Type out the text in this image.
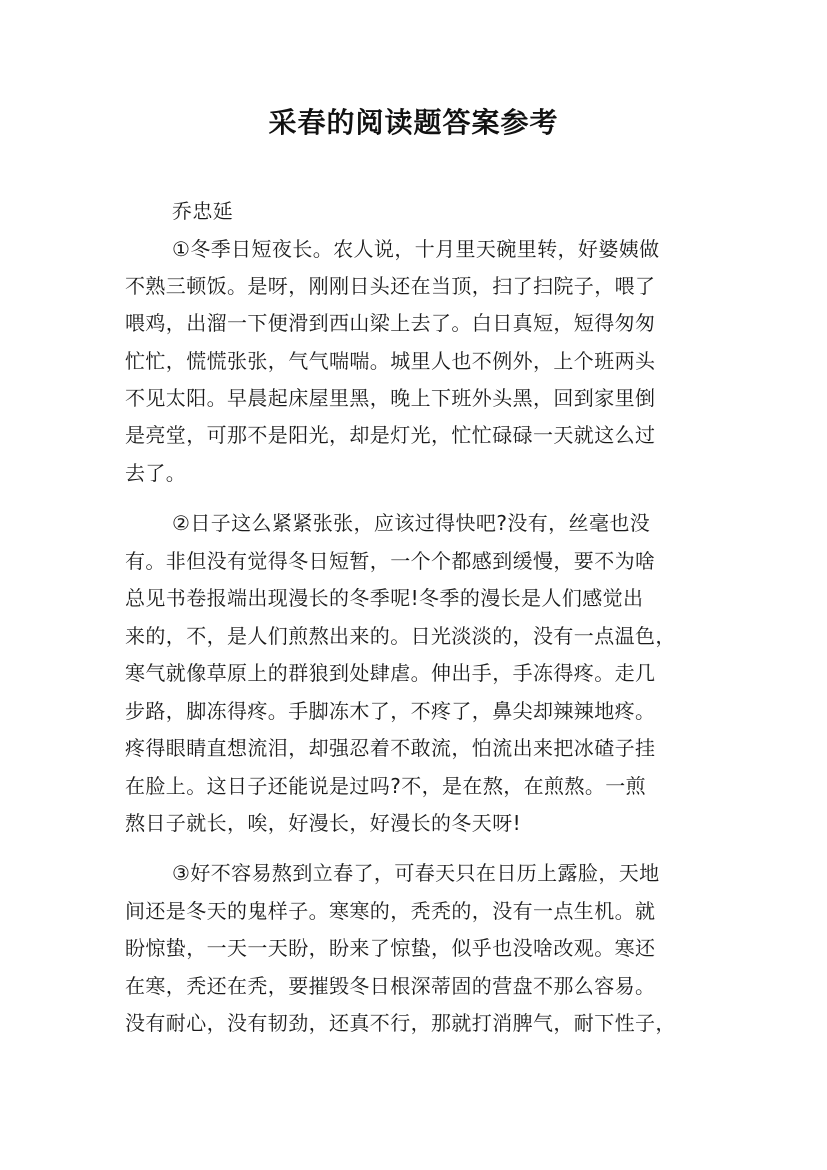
采春的阅读题答案参考
乔忠延
①冬季日短夜长。农人说，十月里天碗里转，好婆姨做
不熟三顿饭。是呀，刚刚日头还在当顶，扫了扫院子，喂了
喂鸡，出溜一下便滑到西山梁上去了。白日真短，短得匆匆
忙忙，慌慌张张，气气喘喘。城里人也不例外，上个班两头
不见太阳。早晨起床屋里黑，晚上下班外头黑，回到家里倒
是亮堂，可那不是阳光，却是灯光，忙忙碌碌一天就这么过
去了。
②日子这么紧紧张张，应该过得快吧?没有，丝毫也没
有。非但没有觉得冬日短暂，一个个都感到缓慢，要不为啥
总见书卷报端出现漫长的冬季呢!冬季的漫长是人们感觉出
来的，不，是人们煎熬出来的。日光淡淡的，没有一点温色，
寒气就像草原上的群狼到处肆虐。伸出手，手冻得疼。走几
步路，脚冻得疼。手脚冻木了，不疼了，鼻尖却辣辣地疼。
疼得眼睛直想流泪，却强忍着不敢流，怕流出来把冰碴子挂
在脸上。这日子还能说是过吗?不，是在熬，在煎熬。一煎
熬日子就长，唉，好漫长，好漫长的冬天呀!
③好不容易熬到立春了，可春天只在日历上露脸，天地
间还是冬天的鬼样子。寒寒的，秃秃的，没有一点生机。就
盼惊蛰，一天一天盼，盼来了惊蛰，似乎也没啥改观。寒还
在寒，秃还在秃，要摧毁冬日根深蒂固的营盘不那么容易。
没有耐心，没有韧劲，还真不行，那就打消脾气，耐下性子，
